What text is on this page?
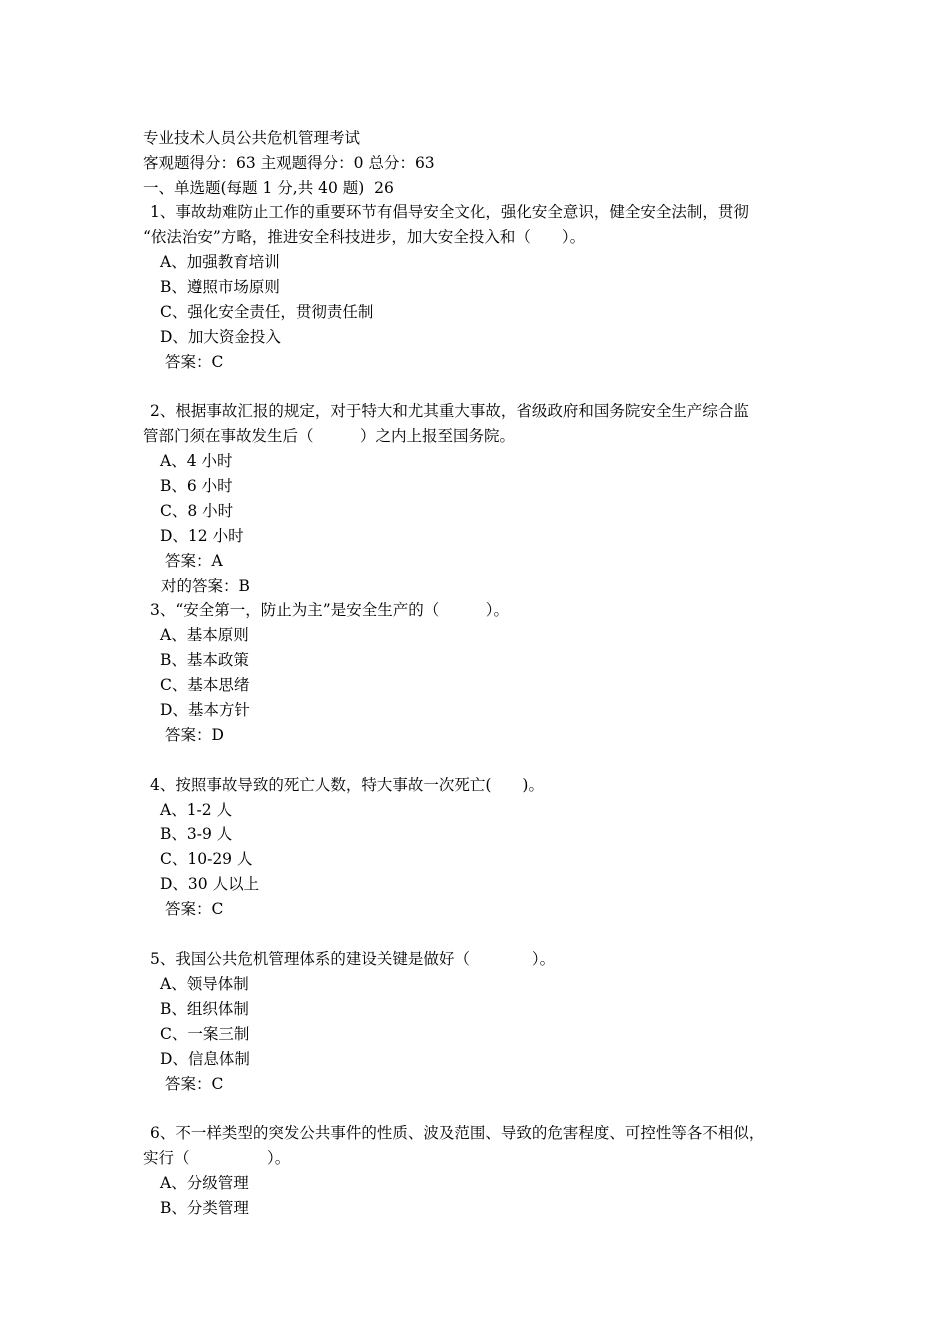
专业技术人员公共危机管理考试
客观题得分：63 主观题得分：0 总分：63
一、单选题(每题 1 分,共 40 题)  26
1、事故劫难防止工作的重要环节有倡导安全文化，强化安全意识，健全安全法制，贯彻
“依法治安”方略，推进安全科技进步，加大安全投入和（　　）。
A、加强教育培训
B、遵照市场原则
C、强化安全责任，贯彻责任制
D、加大资金投入
答案：C
2、根据事故汇报的规定，对于特大和尤其重大事故，省级政府和国务院安全生产综合监
管部门须在事故发生后（　　　）之内上报至国务院。
A、4 小时
B、6 小时
C、8 小时
D、12 小时
答案：A
对的答案：B
3、“安全第一，防止为主”是安全生产的（　　　）。
A、基本原则
B、基本政策
C、基本思绪
D、基本方针
答案：D
4、按照事故导致的死亡人数，特大事故一次死亡(　　)。
A、1-2 人
B、3-9 人
C、10-29 人
D、30 人以上
答案：C
5、我国公共危机管理体系的建设关键是做好（　　　　）。
A、领导体制
B、组织体制
C、一案三制
D、信息体制
答案：C
6、不一样类型的突发公共事件的性质、波及范围、导致的危害程度、可控性等各不相似，
实行（　　　　　）。
A、分级管理
B、分类管理
